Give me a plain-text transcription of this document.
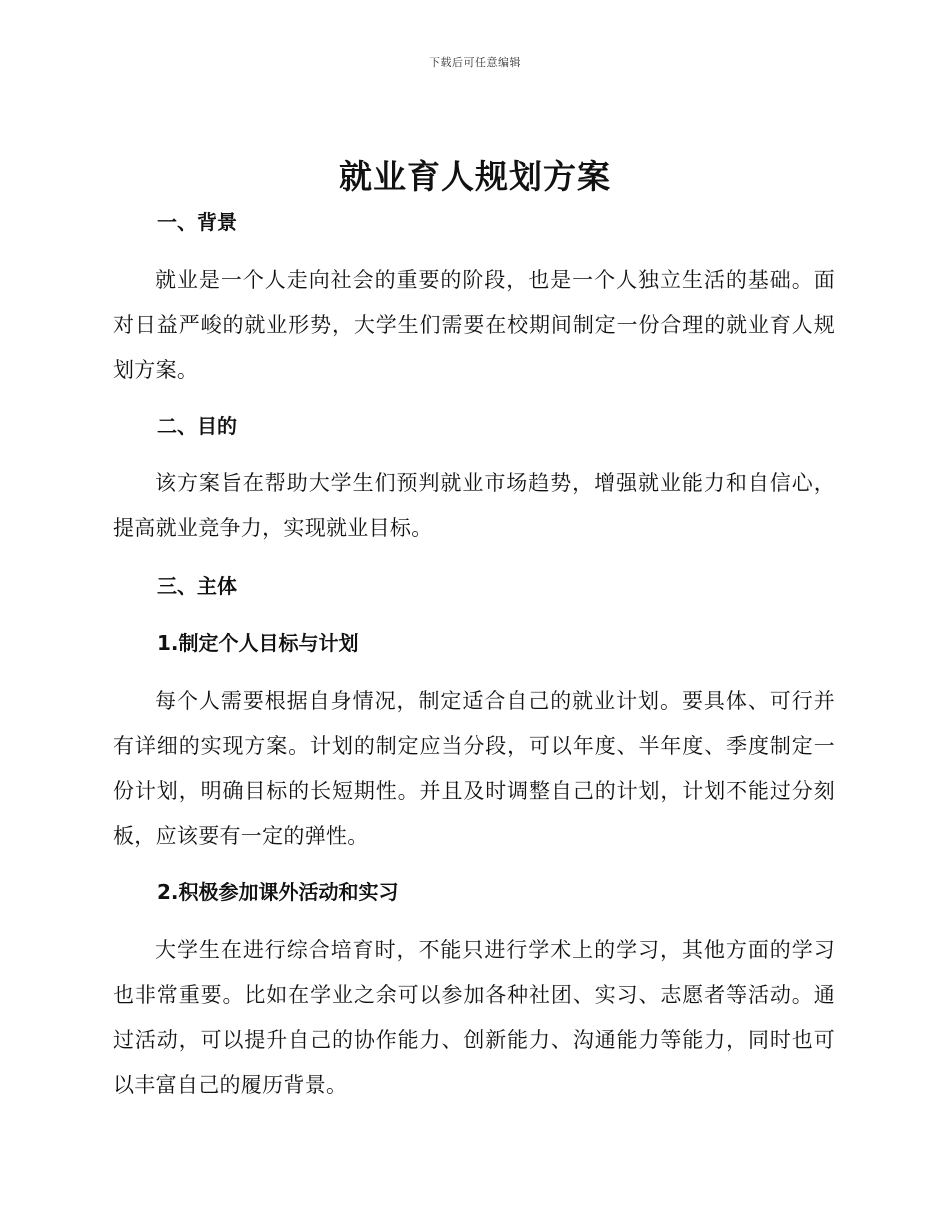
下载后可任意编辑
就业育人规划方案
一、背景

就业是一个人走向社会的重要的阶段，也是一个人独立生活的基础。面对日益严峻的就业形势，大学生们需要在校期间制定一份合理的就业育人规划方案。

二、目的

该方案旨在帮助大学生们预判就业市场趋势，增强就业能力和自信心，提高就业竞争力，实现就业目标。

三、主体
1.制定个人目标与计划

每个人需要根据自身情况，制定适合自己的就业计划。要具体、可行并有详细的实现方案。计划的制定应当分段，可以年度、半年度、季度制定一份计划，明确目标的长短期性。并且及时调整自己的计划，计划不能过分刻板，应该要有一定的弹性。

2.积极参加课外活动和实习

大学生在进行综合培育时，不能只进行学术上的学习，其他方面的学习也非常重要。比如在学业之余可以参加各种社团、实习、志愿者等活动。通过活动，可以提升自己的协作能力、创新能力、沟通能力等能力，同时也可以丰富自己的履历背景。
